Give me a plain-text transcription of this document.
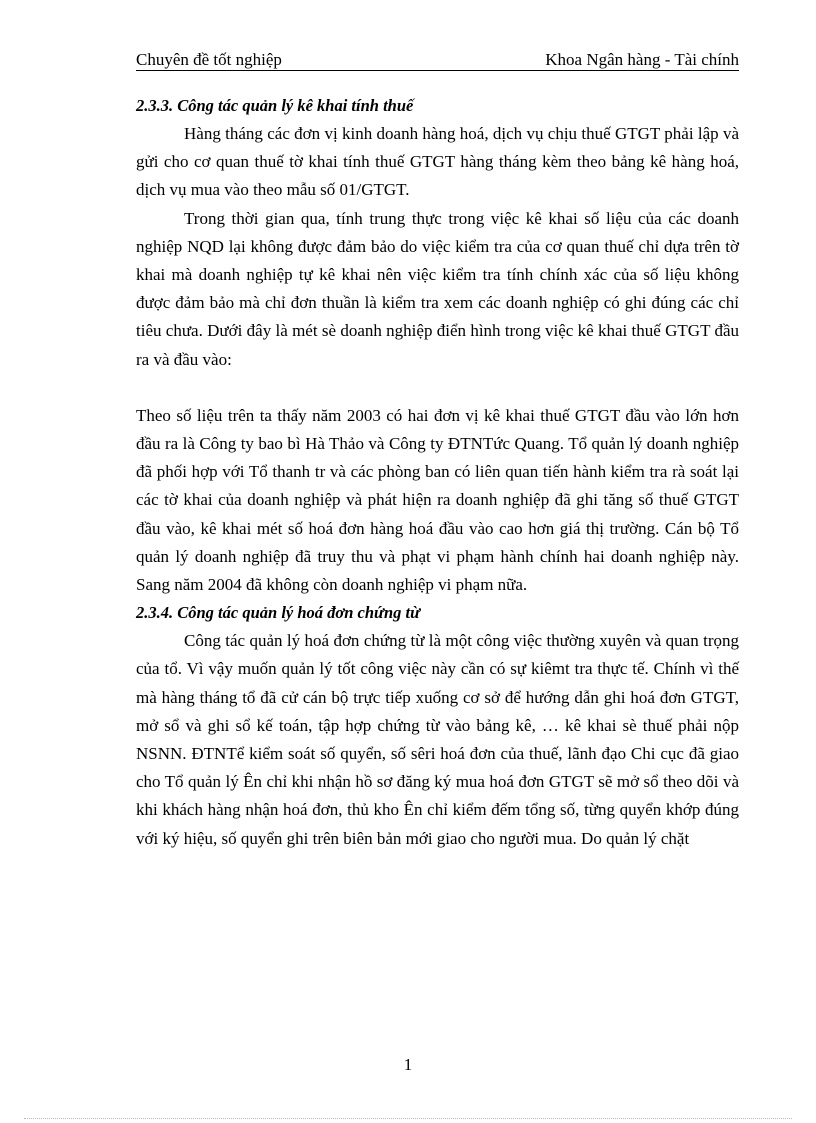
Chuyên đề tốt nghiệp	Khoa Ngân hàng - Tài chính
2.3.3. Công tác quản lý kê khai tính thuế

Hàng tháng các đơn vị kinh doanh hàng hoá, dịch vụ chịu thuế GTGT phải lập và gửi cho cơ quan thuế tờ khai tính thuế GTGT hàng tháng kèm theo bảng kê hàng hoá, dịch vụ mua vào theo mẫu số 01/GTGT.

Trong thời gian qua, tính trung thực trong việc kê khai số liệu của các doanh nghiệp NQD lại không được đảm bảo do việc kiểm tra của cơ quan thuế chỉ dựa trên tờ khai mà doanh nghiệp tự kê khai nên việc kiểm tra tính chính xác của số liệu không được đảm bảo mà chỉ đơn thuần là kiểm tra xem các doanh nghiệp có ghi đúng các chỉ tiêu chưa. Dưới đây là mét sè doanh nghiệp điển hình trong việc kê khai thuế GTGT đầu ra và đầu vào:

Theo số liệu trên ta thấy năm 2003 có hai đơn vị kê khai thuế GTGT đầu vào lớn hơn đầu ra là Công ty bao bì Hà Thảo và Công ty ĐTNTức Quang. Tổ quản lý doanh nghiệp đã phối hợp với Tổ thanh tr và các phòng ban có liên quan tiến hành kiểm tra rà soát lại các tờ khai của doanh nghiệp và phát hiện ra doanh nghiệp đã ghi tăng số thuế GTGT đầu vào, kê khai mét số hoá đơn hàng hoá đầu vào cao hơn giá thị trường. Cán bộ Tổ quản lý doanh nghiệp đã truy thu và phạt vi phạm hành chính hai doanh nghiệp này. Sang năm 2004 đã không còn doanh nghiệp vi phạm nữa.

2.3.4. Công tác quản lý hoá đơn chứng từ

Công tác quản lý hoá đơn chứng từ là một công việc thường xuyên và quan trọng của tổ. Vì vậy muốn quản lý tốt công việc này cần có sự kiêmt tra thực tế. Chính vì thế mà hàng tháng tổ đã cử cán bộ trực tiếp xuống cơ sở để hướng dẫn ghi hoá đơn GTGT, mở sổ và ghi sổ kế toán, tập hợp chứng từ vào bảng kê, … kê khai sè thuế phải nộp NSNN. ĐTNTể kiểm soát số quyển, số sêri hoá đơn của thuế, lãnh đạo Chi cục đã giao cho Tổ quản lý Ên chỉ khi nhận hồ sơ đăng ký mua hoá đơn GTGT sẽ mở sổ theo dõi và khi khách hàng nhận hoá đơn, thủ kho Ên chỉ kiểm đếm tổng số, từng quyển khớp đúng với ký hiệu, số quyển ghi trên biên bản mới giao cho người mua. Do quản lý chặt

1
